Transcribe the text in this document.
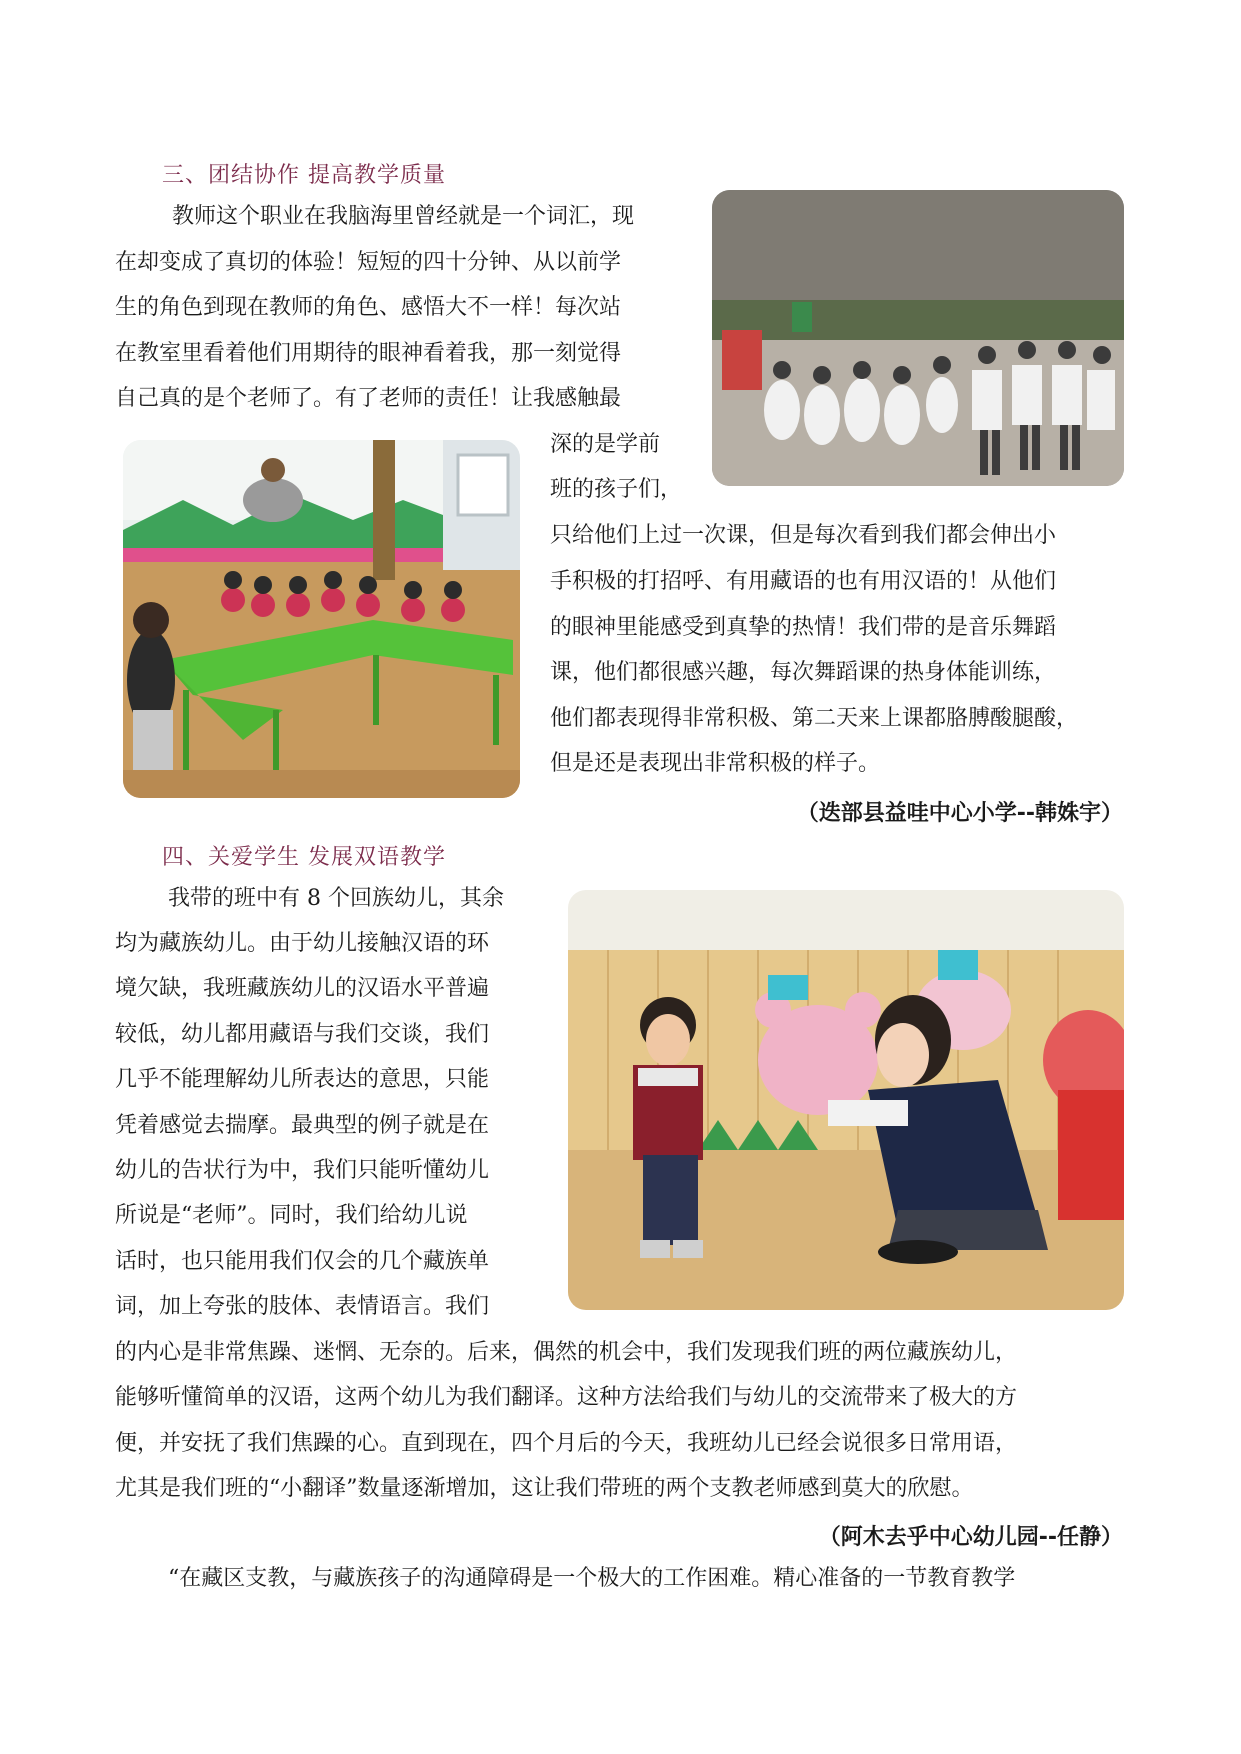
三、团结协作 提高教学质量

教师这个职业在我脑海里曾经就是一个词汇，现

在却变成了真切的体验！短短的四十分钟、从以前学

生的角色到现在教师的角色、感悟大不一样！每次站

在教室里看着他们用期待的眼神看着我，那一刻觉得

自己真的是个老师了。有了老师的责任！让我感触最

深的是学前

班的孩子们，

只给他们上过一次课，但是每次看到我们都会伸出小

手积极的打招呼、有用藏语的也有用汉语的！从他们

的眼神里能感受到真挚的热情！我们带的是音乐舞蹈

课，他们都很感兴趣，每次舞蹈课的热身体能训练，

他们都表现得非常积极、第二天来上课都胳膊酸腿酸，

但是还是表现出非常积极的样子。

（迭部县益哇中心小学--韩姝宇）

四、关爱学生 发展双语教学

我带的班中有 8 个回族幼儿，其余

均为藏族幼儿。由于幼儿接触汉语的环

境欠缺，我班藏族幼儿的汉语水平普遍

较低，幼儿都用藏语与我们交谈，我们

几乎不能理解幼儿所表达的意思，只能

凭着感觉去揣摩。最典型的例子就是在

幼儿的告状行为中，我们只能听懂幼儿

所说是“老师”。同时，我们给幼儿说

话时，也只能用我们仅会的几个藏族单

词，加上夸张的肢体、表情语言。我们

的内心是非常焦躁、迷惘、无奈的。后来，偶然的机会中，我们发现我们班的两位藏族幼儿，

能够听懂简单的汉语，这两个幼儿为我们翻译。这种方法给我们与幼儿的交流带来了极大的方

便，并安抚了我们焦躁的心。直到现在，四个月后的今天，我班幼儿已经会说很多日常用语，

尤其是我们班的“小翻译”数量逐渐增加，这让我们带班的两个支教老师感到莫大的欣慰。

（阿木去乎中心幼儿园--任静）

“在藏区支教，与藏族孩子的沟通障碍是一个极大的工作困难。精心准备的一节教育教学
